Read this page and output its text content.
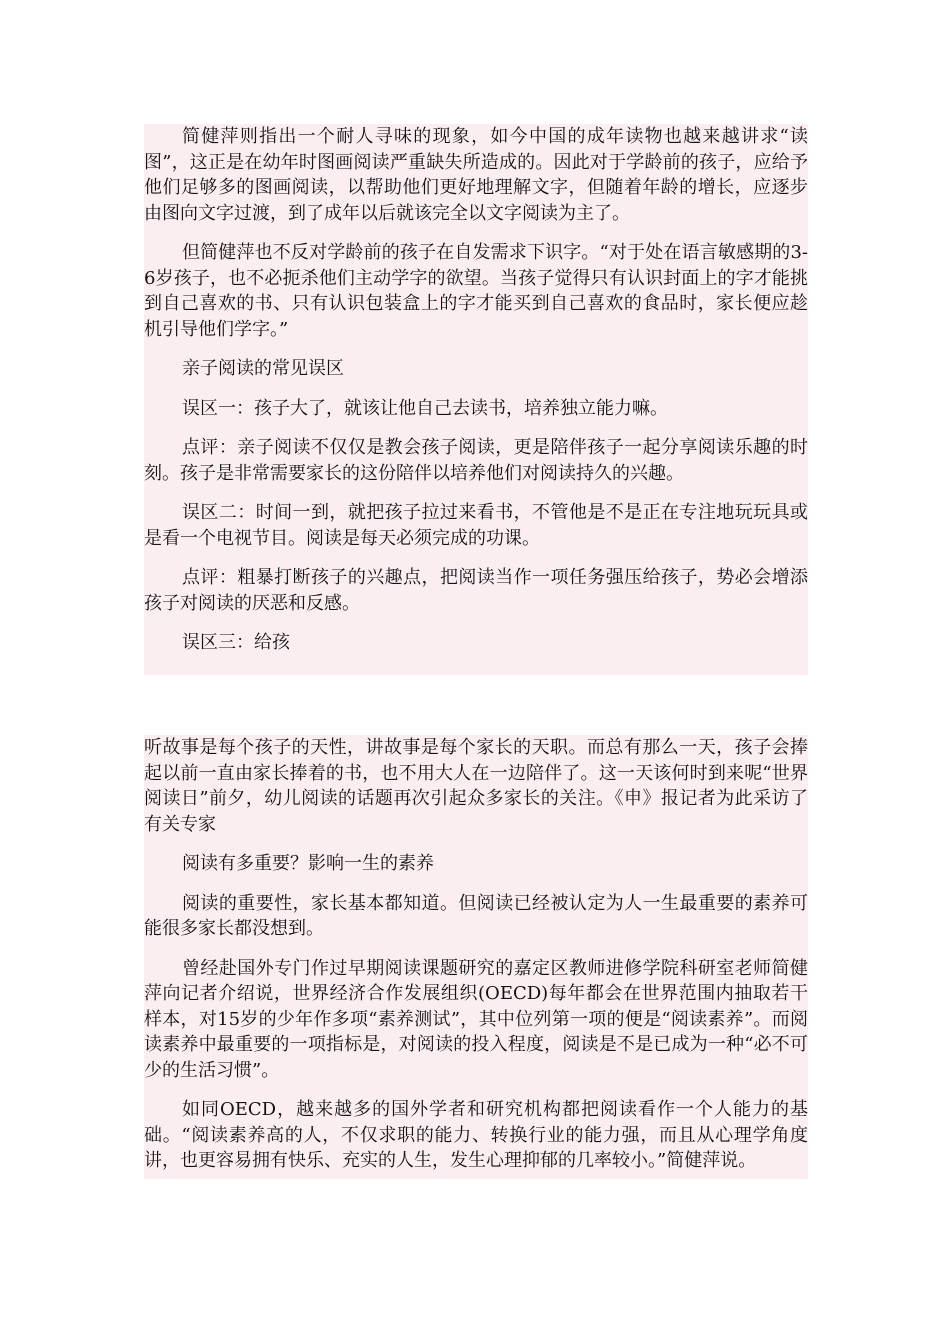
简健萍则指出一个耐人寻味的现象，如今中国的成年读物也越来越讲求“读图”，这正是在幼年时图画阅读严重缺失所造成的。因此对于学龄前的孩子，应给予他们足够多的图画阅读，以帮助他们更好地理解文字，但随着年龄的增长，应逐步由图向文字过渡，到了成年以后就该完全以文字阅读为主了。

但简健萍也不反对学龄前的孩子在自发需求下识字。“对于处在语言敏感期的3-6岁孩子，也不必扼杀他们主动学字的欲望。当孩子觉得只有认识封面上的字才能挑到自己喜欢的书、只有认识包装盒上的字才能买到自己喜欢的食品时，家长便应趁机引导他们学字。”

亲子阅读的常见误区

误区一：孩子大了，就该让他自己去读书，培养独立能力嘛。

点评：亲子阅读不仅仅是教会孩子阅读，更是陪伴孩子一起分享阅读乐趣的时刻。孩子是非常需要家长的这份陪伴以培养他们对阅读持久的兴趣。

误区二：时间一到，就把孩子拉过来看书，不管他是不是正在专注地玩玩具或是看一个电视节目。阅读是每天必须完成的功课。

点评：粗暴打断孩子的兴趣点，把阅读当作一项任务强压给孩子，势必会增添孩子对阅读的厌恶和反感。

误区三：给孩

听故事是每个孩子的天性，讲故事是每个家长的天职。而总有那么一天，孩子会捧起以前一直由家长捧着的书，也不用大人在一边陪伴了。这一天该何时到来呢“世界阅读日”前夕，幼儿阅读的话题再次引起众多家长的关注。《申》报记者为此采访了有关专家

阅读有多重要？影响一生的素养

阅读的重要性，家长基本都知道。但阅读已经被认定为人一生最重要的素养可能很多家长都没想到。

曾经赴国外专门作过早期阅读课题研究的嘉定区教师进修学院科研室老师简健萍向记者介绍说，世界经济合作发展组织(OECD)每年都会在世界范围内抽取若干样本，对15岁的少年作多项“素养测试”，其中位列第一项的便是“阅读素养”。而阅读素养中最重要的一项指标是，对阅读的投入程度，阅读是不是已成为一种“必不可少的生活习惯”。

如同OECD，越来越多的国外学者和研究机构都把阅读看作一个人能力的基础。“阅读素养高的人，不仅求职的能力、转换行业的能力强，而且从心理学角度讲，也更容易拥有快乐、充实的人生，发生心理抑郁的几率较小。”简健萍说。
